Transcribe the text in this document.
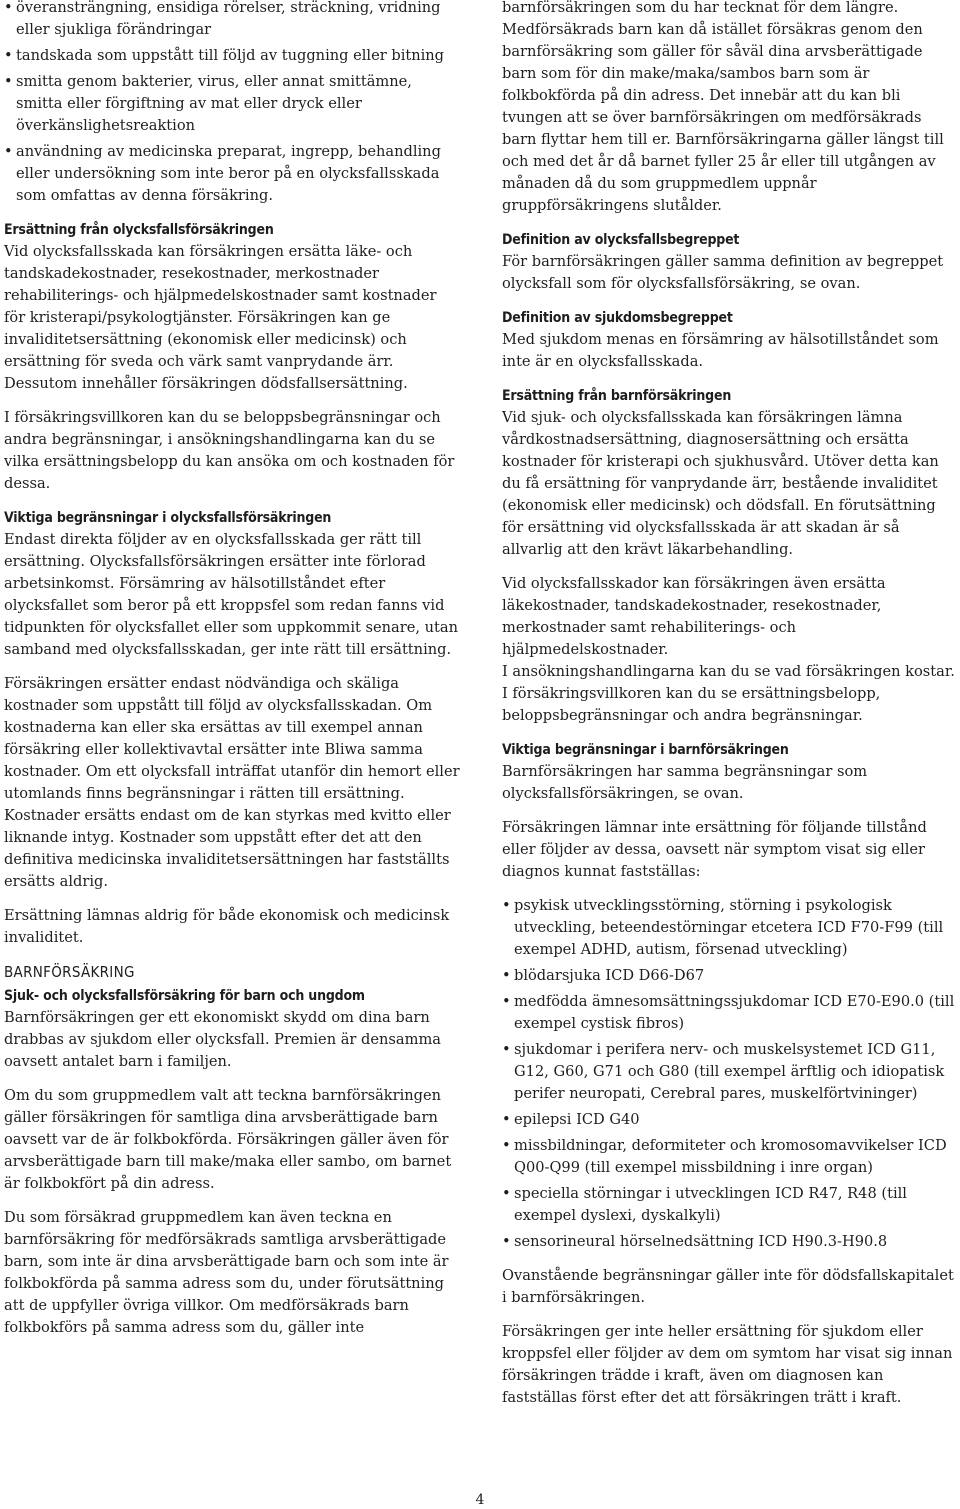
• överansträngning, ensidiga rörelser, sträckning, vridning eller sjukliga förändringar
• tandskada som uppstått till följd av tuggning eller bitning
• smitta genom bakterier, virus, eller annat smittämne, smitta eller förgiftning av mat eller dryck eller överkänslighetsreaktion
• användning av medicinska preparat, ingrepp, behandling eller undersökning som inte beror på en olycksfallsskada som omfattas av denna försäkring.
Ersättning från olycksfallsförsäkringen

Vid olycksfallsskada kan försäkringen ersätta läke- och tandskadekostnader, resekostnader, merkostnader rehabiliterings- och hjälpmedelskostnader samt kostnader för kristerapi/psykologtjänster. Försäkringen kan ge invaliditetsersättning (ekonomisk eller medicinsk) och ersättning för sveda och värk samt vanprydande ärr. Dessutom innehåller försäkringen dödsfallsersättning.

I försäkringsvillkoren kan du se beloppsbegränsningar och andra begränsningar, i ansökningshandlingarna kan du se vilka ersättningsbelopp du kan ansöka om och kostnaden för dessa.

Viktiga begränsningar i olycksfallsförsäkringen

Endast direkta följder av en olycksfallsskada ger rätt till ersättning. Olycksfallsförsäkringen ersätter inte förlorad arbetsinkomst. Försämring av hälsotillståndet efter olycksfallet som beror på ett kroppsfel som redan fanns vid tidpunkten för olycksfallet eller som uppkommit senare, utan samband med olycksfallsskadan, ger inte rätt till ersättning.

Försäkringen ersätter endast nödvändiga och skäliga kostnader som uppstått till följd av olycksfallsskadan. Om kostnaderna kan eller ska ersättas av till exempel annan försäkring eller kollektivavtal ersätter inte Bliwa samma kostnader. Om ett olycksfall inträffat utanför din hemort eller utomlands finns begränsningar i rätten till ersättning. Kostnader ersätts endast om de kan styrkas med kvitto eller liknande intyg. Kostnader som uppstått efter det att den definitiva medicinska invaliditetsersättningen har fastställts ersätts aldrig.

Ersättning lämnas aldrig för både ekonomisk och medicinsk invaliditet.

BARNFÖRSÄKRING
Sjuk- och olycksfallsförsäkring för barn och ungdom

Barnförsäkringen ger ett ekonomiskt skydd om dina barn drabbas av sjukdom eller olycksfall. Premien är densamma oavsett antalet barn i familjen.

Om du som gruppmedlem valt att teckna barnförsäkringen gäller försäkringen för samtliga dina arvsberättigade barn oavsett var de är folkbokförda. Försäkringen gäller även för arvsberättigade barn till make/maka eller sambo, om barnet är folkbokfört på din adress.

Du som försäkrad gruppmedlem kan även teckna en barnförsäkring för medförsäkrads samtliga arvsberättigade barn, som inte är dina arvsberättigade barn och som inte är folkbokförda på samma adress som du, under förutsättning att de uppfyller övriga villkor. Om medförsäkrads barn folkbokförs på samma adress som du, gäller inte

barnförsäkringen som du har tecknat för dem längre. Medförsäkrads barn kan då istället försäkras genom den barnförsäkring som gäller för såväl dina arvsberättigade barn som för din make/maka/sambos barn som är folkbokförda på din adress. Det innebär att du kan bli tvungen att se över barnförsäkringen om medförsäkrads barn flyttar hem till er. Barnförsäkringarna gäller längst till och med det år då barnet fyller 25 år eller till utgången av månaden då du som gruppmedlem uppnår gruppförsäkringens slutålder.

Definition av olycksfallsbegreppet

För barnförsäkringen gäller samma definition av begreppet olycksfall som för olycksfallsförsäkring, se ovan.

Definition av sjukdomsbegreppet

Med sjukdom menas en försämring av hälsotillståndet som inte är en olycksfallsskada.

Ersättning från barnförsäkringen

Vid sjuk- och olycksfallsskada kan försäkringen lämna vårdkostnadsersättning, diagnosersättning och ersätta kostnader för kristerapi och sjukhusvård. Utöver detta kan du få ersättning för vanprydande ärr, bestående invaliditet (ekonomisk eller medicinsk) och dödsfall. En förutsättning för ersättning vid olycksfallsskada är att skadan är så allvarlig att den krävt läkarbehandling.

Vid olycksfallsskador kan försäkringen även ersätta läkekostnader, tandskadekostnader, resekostnader, merkostnader samt rehabiliterings- och hjälpmedelskostnader.

I ansökningshandlingarna kan du se vad försäkringen kostar. I försäkringsvillkoren kan du se ersättningsbelopp, beloppsbegränsningar och andra begränsningar.

Viktiga begränsningar i barnförsäkringen

Barnförsäkringen har samma begränsningar som olycksfallsförsäkringen, se ovan.

Försäkringen lämnar inte ersättning för följande tillstånd eller följder av dessa, oavsett när symptom visat sig eller diagnos kunnat fastställas:

• psykisk utvecklingsstörning, störning i psykologisk utveckling, beteendestörningar etcetera ICD F70-F99 (till exempel ADHD, autism, försenad utveckling)
• blödarsjuka ICD D66-D67
• medfödda ämnesomsättningssjukdomar ICD E70-E90.0 (till exempel cystisk fibros)
• sjukdomar i perifera nerv- och muskelsystemet ICD G11, G12, G60, G71 och G80 (till exempel ärftlig och idiopatisk perifer neuropati, Cerebral pares, muskelförtvininger)
• epilepsi ICD G40
• missbildningar, deformiteter och kromosomavvikelser ICD Q00-Q99 (till exempel missbildning i inre organ)
• speciella störningar i utvecklingen ICD R47, R48 (till exempel dyslexi, dyskalkyli)
• sensorineural hörselnedsättning ICD H90.3-H90.8

Ovanstående begränsningar gäller inte för dödsfallskapitalet i barnförsäkringen.

Försäkringen ger inte heller ersättning för sjukdom eller kroppsfel eller följder av dem om symtom har visat sig innan försäkringen trädde i kraft, även om diagnosen kan fastställas först efter det att försäkringen trätt i kraft.

4
